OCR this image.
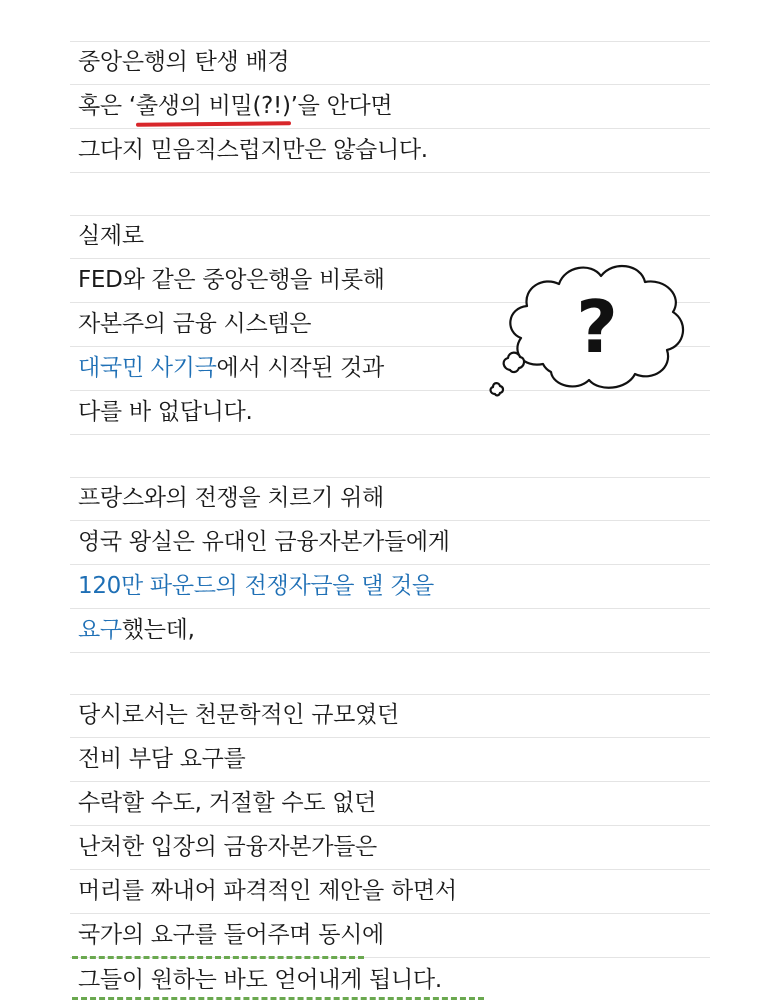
중앙은행의 탄생 배경
혹은 ‘출생의 비밀(?!)’을 안다면
그다지 믿음직스럽지만은 않습니다.
실제로
FED와 같은 중앙은행을 비롯해
자본주의 금융 시스템은
대국민 사기극에서 시작된 것과
다를 바 없답니다.
프랑스와의 전쟁을 치르기 위해
영국 왕실은 유대인 금융자본가들에게
120만 파운드의 전쟁자금을 댈 것을
요구했는데,
당시로서는 천문학적인 규모였던
전비 부담 요구를
수락할 수도, 거절할 수도 없던
난처한 입장의 금융자본가들은
머리를 짜내어 파격적인 제안을 하면서
국가의 요구를 들어주며 동시에
그들이 원하는 바도 얻어내게 됩니다.
?
